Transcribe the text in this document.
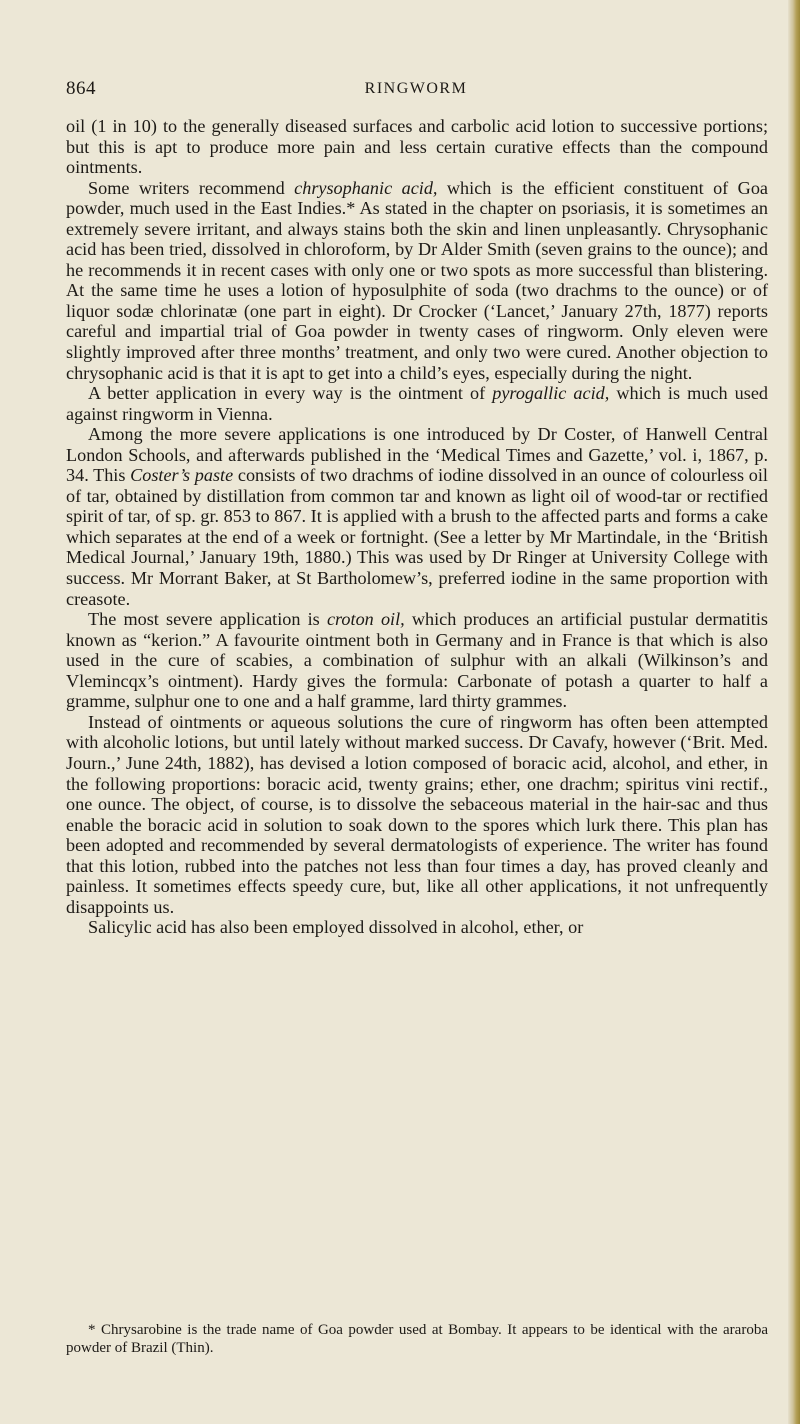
864	RINGWORM

oil (1 in 10) to the generally diseased surfaces and carbolic acid lotion to successive portions; but this is apt to produce more pain and less certain curative effects than the compound ointments.

Some writers recommend chrysophanic acid, which is the efficient constituent of Goa powder, much used in the East Indies.* As stated in the chapter on psoriasis, it is sometimes an extremely severe irritant, and always stains both the skin and linen unpleasantly. Chrysophanic acid has been tried, dissolved in chloroform, by Dr Alder Smith (seven grains to the ounce); and he recommends it in recent cases with only one or two spots as more successful than blistering. At the same time he uses a lotion of hyposulphite of soda (two drachms to the ounce) or of liquor sodæ chlorinatæ (one part in eight). Dr Crocker (‘Lancet,’ January 27th, 1877) reports careful and impartial trial of Goa powder in twenty cases of ringworm. Only eleven were slightly improved after three months’ treatment, and only two were cured. Another objection to chrysophanic acid is that it is apt to get into a child’s eyes, especially during the night.

A better application in every way is the ointment of pyrogallic acid, which is much used against ringworm in Vienna.

Among the more severe applications is one introduced by Dr Coster, of Hanwell Central London Schools, and afterwards published in the ‘Medical Times and Gazette,’ vol. i, 1867, p. 34. This Coster’s paste consists of two drachms of iodine dissolved in an ounce of colourless oil of tar, obtained by distillation from common tar and known as light oil of wood-tar or rectified spirit of tar, of sp. gr. 853 to 867. It is applied with a brush to the affected parts and forms a cake which separates at the end of a week or fortnight. (See a letter by Mr Martindale, in the ‘British Medical Journal,’ January 19th, 1880.) This was used by Dr Ringer at University College with success. Mr Morrant Baker, at St Bartholomew’s, preferred iodine in the same proportion with creasote.

The most severe application is croton oil, which produces an artificial pustular dermatitis known as “kerion.” A favourite ointment both in Germany and in France is that which is also used in the cure of scabies, a combination of sulphur with an alkali (Wilkinson’s and Vlemincqx’s ointment). Hardy gives the formula: Carbonate of potash a quarter to half a gramme, sulphur one to one and a half gramme, lard thirty grammes.

Instead of ointments or aqueous solutions the cure of ringworm has often been attempted with alcoholic lotions, but until lately without marked success. Dr Cavafy, however (‘Brit. Med. Journ.,’ June 24th, 1882), has devised a lotion composed of boracic acid, alcohol, and ether, in the following proportions: boracic acid, twenty grains; ether, one drachm; spiritus vini rectif., one ounce. The object, of course, is to dissolve the sebaceous material in the hair-sac and thus enable the boracic acid in solution to soak down to the spores which lurk there. This plan has been adopted and recommended by several dermatologists of experience. The writer has found that this lotion, rubbed into the patches not less than four times a day, has proved cleanly and painless. It sometimes effects speedy cure, but, like all other applications, it not unfrequently disappoints us.

Salicylic acid has also been employed dissolved in alcohol, ether, or

* Chrysarobine is the trade name of Goa powder used at Bombay. It appears to be identical with the araroba powder of Brazil (Thin).
